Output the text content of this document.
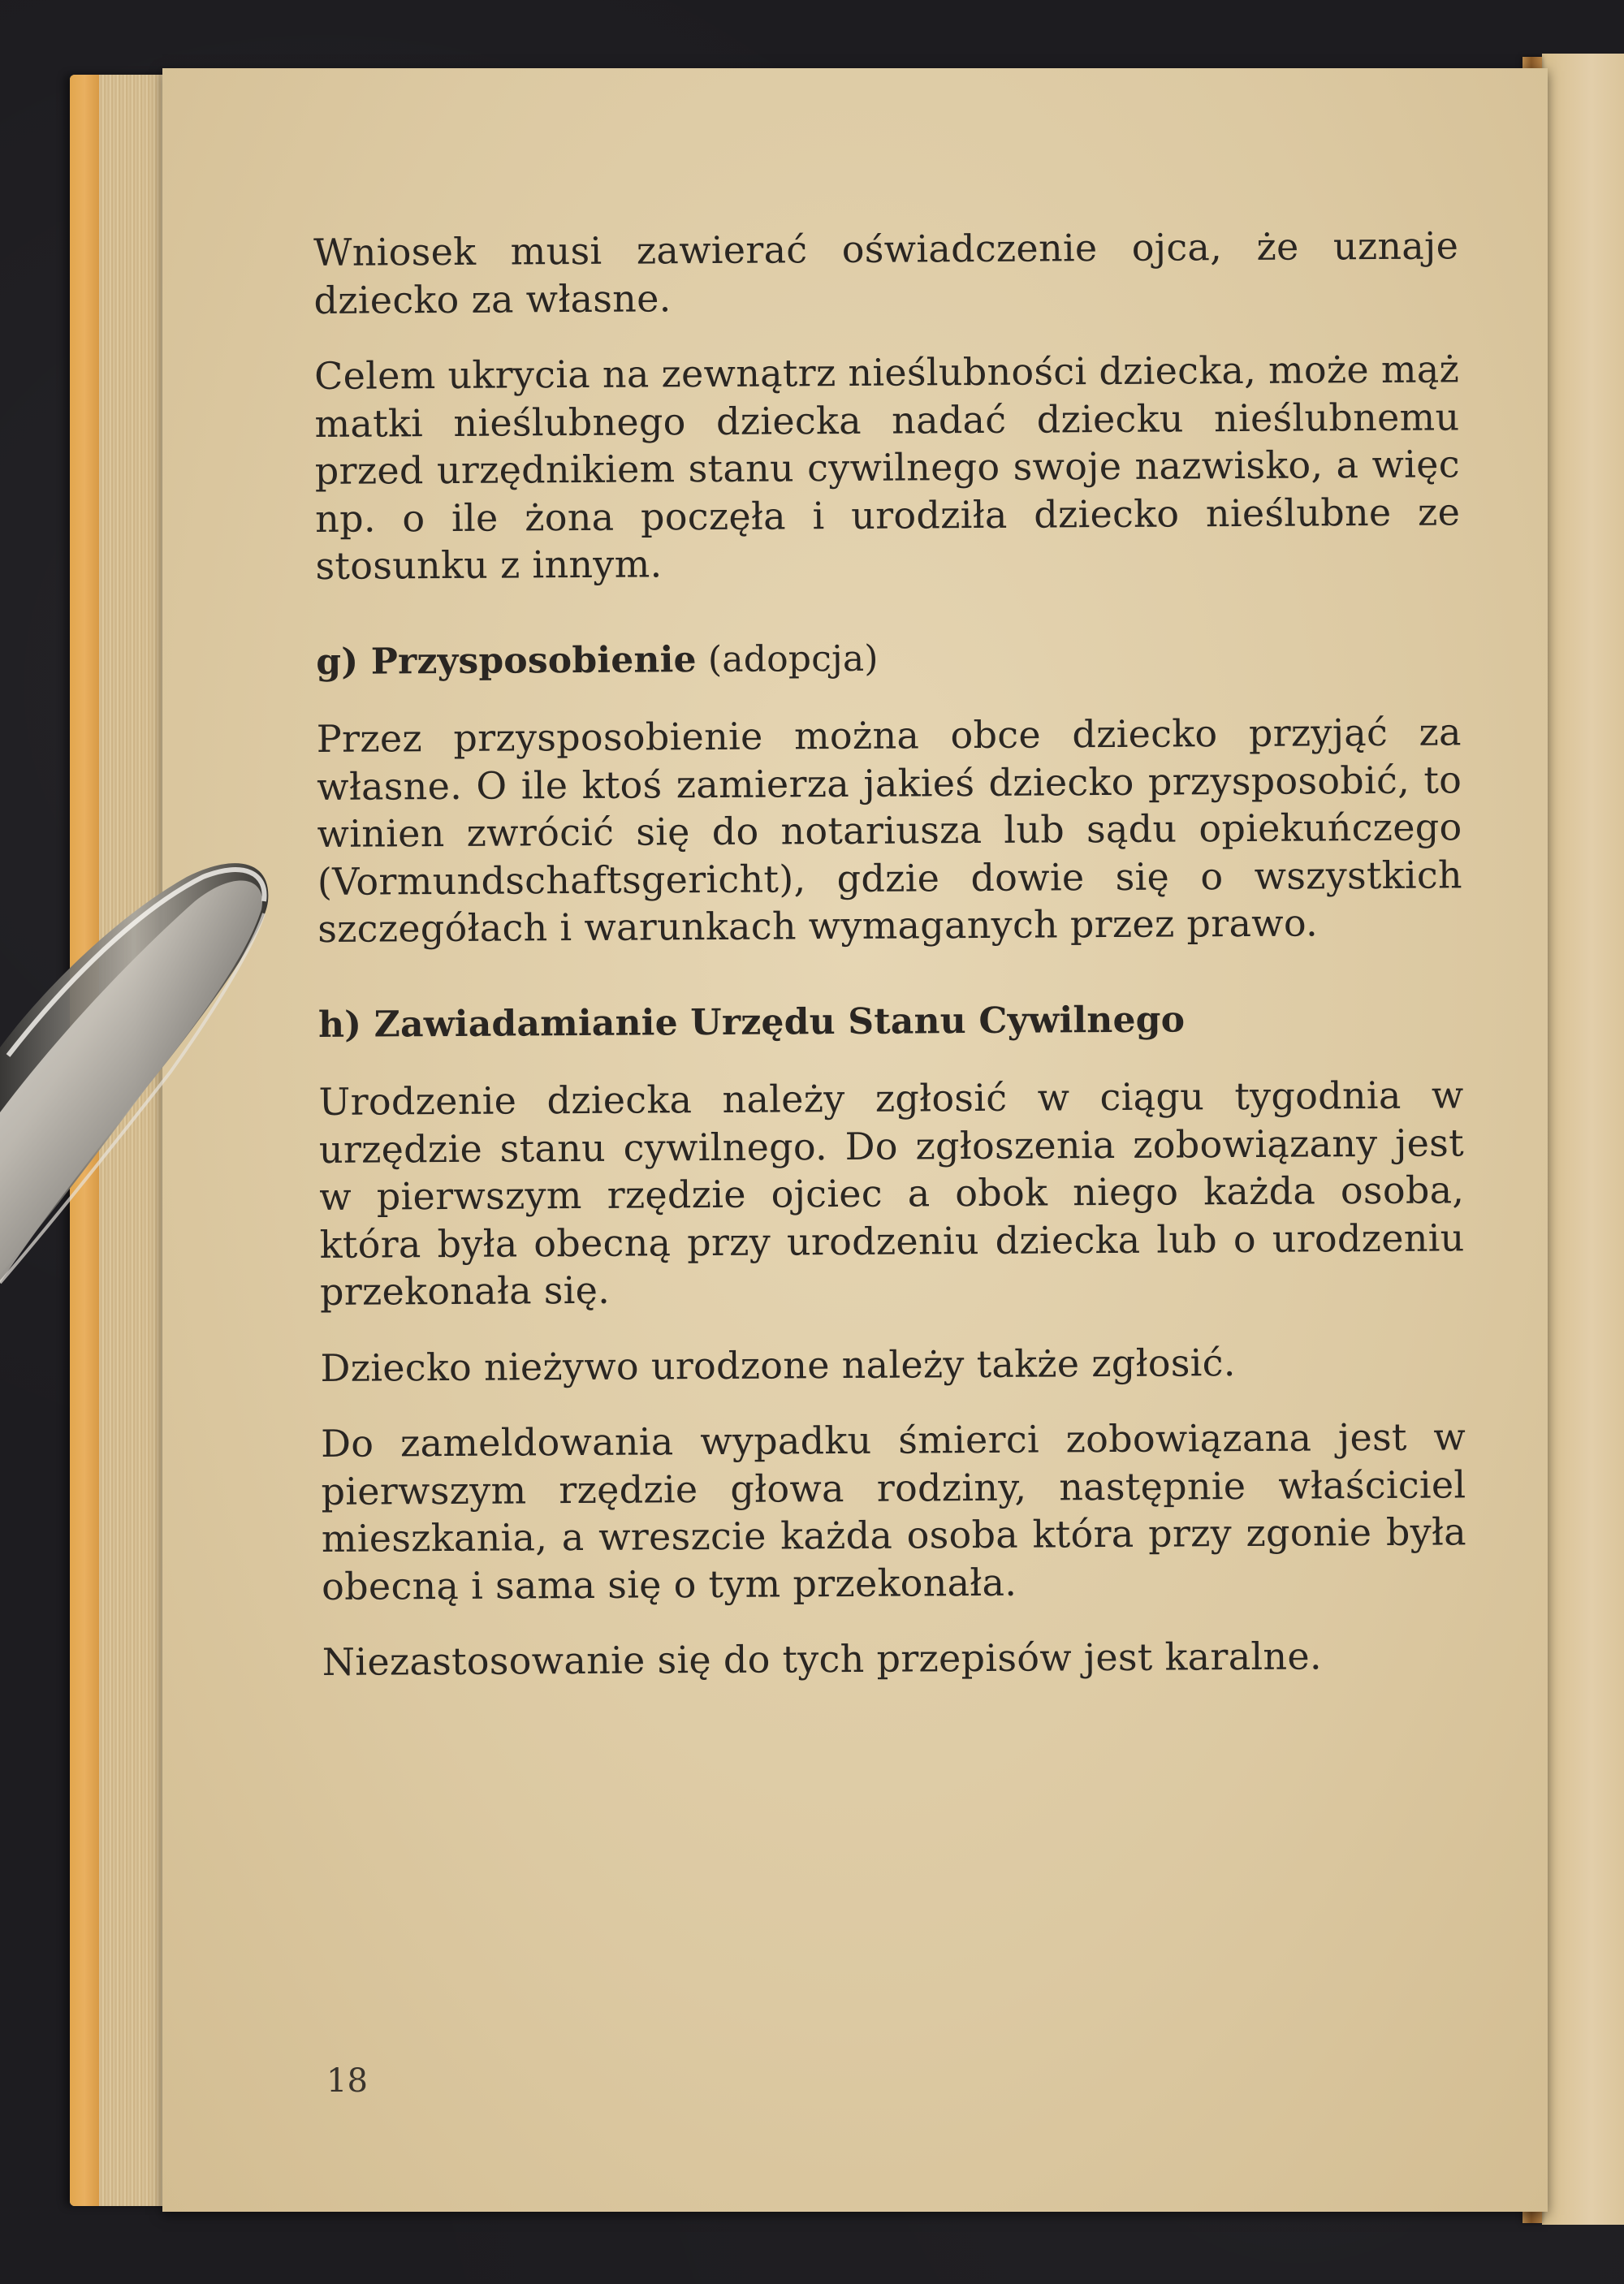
Wniosek musi zawierać oświadczenie ojca, że uznaje dziecko za własne.

Celem ukrycia na zewnątrz nieślubności dziecka, może mąż matki nieślubnego dziecka nadać dziecku nieślubnemu przed urzędnikiem stanu cywilnego swoje nazwisko, a więc np. o ile żona poczęła i urodziła dziecko nieślubne ze stosunku z innym.

g) Przysposobienie (adopcja)

Przez przysposobienie można obce dziecko przyjąć za własne. O ile ktoś zamierza jakieś dziecko przysposobić, to winien zwrócić się do notariusza lub sądu opiekuńczego (Vormundschaftsgericht), gdzie dowie się o wszystkich szczegółach i warunkach wymaganych przez prawo.

h) Zawiadamianie Urzędu Stanu Cywilnego

Urodzenie dziecka należy zgłosić w ciągu tygodnia w urzędzie stanu cywilnego. Do zgłoszenia zobowiązany jest w pierwszym rzędzie ojciec a obok niego każda osoba, która była obecną przy urodzeniu dziecka lub o urodzeniu przekonała się.

Dziecko nieżywo urodzone należy także zgłosić.

Do zameldowania wypadku śmierci zobowiązana jest w pierwszym rzędzie głowa rodziny, następnie właściciel mieszkania, a wreszcie każda osoba która przy zgonie była obecną i sama się o tym przekonała.

Niezastosowanie się do tych przepisów jest karalne.

18
